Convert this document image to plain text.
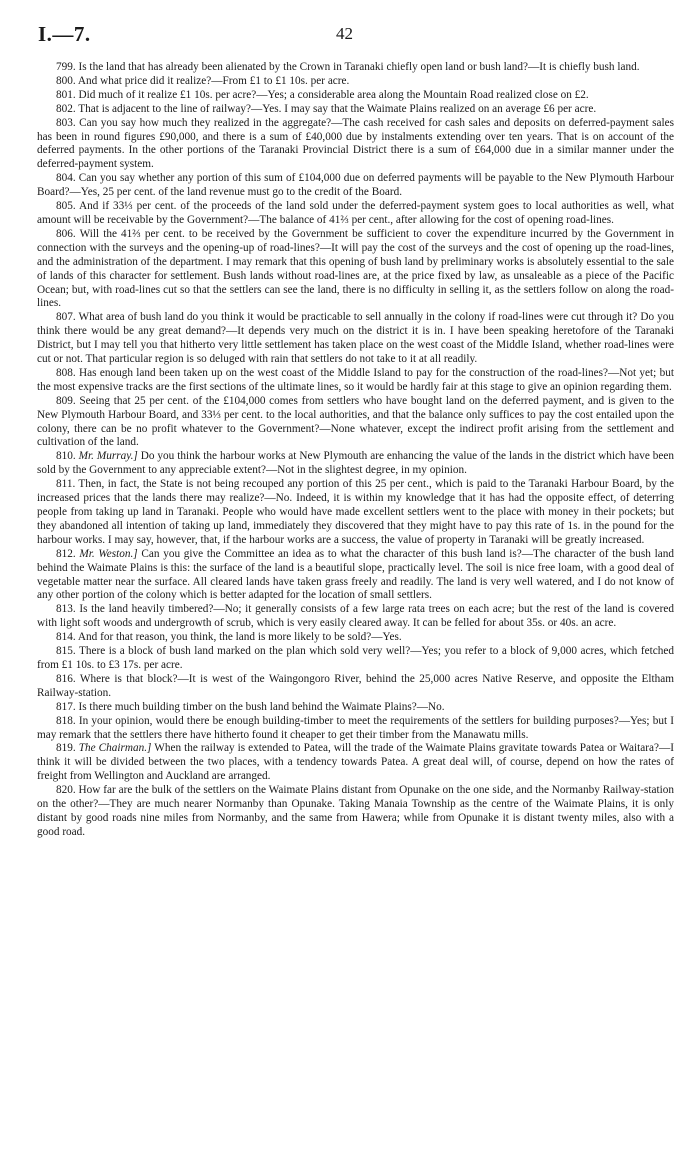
I.—7.	42

799. Is the land that has already been alienated by the Crown in Taranaki chiefly open land or bush land?—It is chiefly bush land.

800. And what price did it realize?—From £1 to £1 10s. per acre.

801. Did much of it realize £1 10s. per acre?—Yes; a considerable area along the Mountain Road realized close on £2.

802. That is adjacent to the line of railway?—Yes. I may say that the Waimate Plains realized on an average £6 per acre.

803. Can you say how much they realized in the aggregate?—The cash received for cash sales and deposits on deferred-payment sales has been in round figures £90,000, and there is a sum of £40,000 due by instalments extending over ten years. That is on account of the deferred payments. In the other portions of the Taranaki Provincial District there is a sum of £64,000 due in a similar manner under the deferred-payment system.

804. Can you say whether any portion of this sum of £104,000 due on deferred payments will be payable to the New Plymouth Harbour Board?—Yes, 25 per cent. of the land revenue must go to the credit of the Board.

805. And if 33⅓ per cent. of the proceeds of the land sold under the deferred-payment system goes to local authorities as well, what amount will be receivable by the Government?—The balance of 41⅔ per cent., after allowing for the cost of opening road-lines.

806. Will the 41⅔ per cent. to be received by the Government be sufficient to cover the expenditure incurred by the Government in connection with the surveys and the opening-up of road-lines?—It will pay the cost of the surveys and the cost of opening up the road-lines, and the administration of the department. I may remark that this opening of bush land by preliminary works is absolutely essential to the sale of lands of this character for settlement. Bush lands without road-lines are, at the price fixed by law, as unsaleable as a piece of the Pacific Ocean; but, with road-lines cut so that the settlers can see the land, there is no difficulty in selling it, as the settlers follow on along the road-lines.

807. What area of bush land do you think it would be practicable to sell annually in the colony if road-lines were cut through it? Do you think there would be any great demand?—It depends very much on the district it is in. I have been speaking heretofore of the Taranaki District, but I may tell you that hitherto very little settlement has taken place on the west coast of the Middle Island, whether road-lines were cut or not. That particular region is so deluged with rain that settlers do not take to it at all readily.

808. Has enough land been taken up on the west coast of the Middle Island to pay for the construction of the road-lines?—Not yet; but the most expensive tracks are the first sections of the ultimate lines, so it would be hardly fair at this stage to give an opinion regarding them.

809. Seeing that 25 per cent. of the £104,000 comes from settlers who have bought land on the deferred payment, and is given to the New Plymouth Harbour Board, and 33⅓ per cent. to the local authorities, and that the balance only suffices to pay the cost entailed upon the colony, there can be no profit whatever to the Government?—None whatever, except the indirect profit arising from the settlement and cultivation of the land.

810. Mr. Murray.] Do you think the harbour works at New Plymouth are enhancing the value of the lands in the district which have been sold by the Government to any appreciable extent?—Not in the slightest degree, in my opinion.

811. Then, in fact, the State is not being recouped any portion of this 25 per cent., which is paid to the Taranaki Harbour Board, by the increased prices that the lands there may realize?—No. Indeed, it is within my knowledge that it has had the opposite effect, of deterring people from taking up land in Taranaki. People who would have made excellent settlers went to the place with money in their pockets; but they abandoned all intention of taking up land, immediately they discovered that they might have to pay this rate of 1s. in the pound for the harbour works. I may say, however, that, if the harbour works are a success, the value of property in Taranaki will be greatly increased.

812. Mr. Weston.] Can you give the Committee an idea as to what the character of this bush land is?—The character of the bush land behind the Waimate Plains is this: the surface of the land is a beautiful slope, practically level. The soil is nice free loam, with a good deal of vegetable matter near the surface. All cleared lands have taken grass freely and readily. The land is very well watered, and I do not know of any other portion of the colony which is better adapted for the location of small settlers.

813. Is the land heavily timbered?—No; it generally consists of a few large rata trees on each acre; but the rest of the land is covered with light soft woods and undergrowth of scrub, which is very easily cleared away. It can be felled for about 35s. or 40s. an acre.

814. And for that reason, you think, the land is more likely to be sold?—Yes.

815. There is a block of bush land marked on the plan which sold very well?—Yes; you refer to a block of 9,000 acres, which fetched from £1 10s. to £3 17s. per acre.

816. Where is that block?—It is west of the Waingongoro River, behind the 25,000 acres Native Reserve, and opposite the Eltham Railway-station.

817. Is there much building timber on the bush land behind the Waimate Plains?—No.

818. In your opinion, would there be enough building-timber to meet the requirements of the settlers for building purposes?—Yes; but I may remark that the settlers there have hitherto found it cheaper to get their timber from the Manawatu mills.

819. The Chairman.] When the railway is extended to Patea, will the trade of the Waimate Plains gravitate towards Patea or Waitara?—I think it will be divided between the two places, with a tendency towards Patea. A great deal will, of course, depend on how the rates of freight from Wellington and Auckland are arranged.

820. How far are the bulk of the settlers on the Waimate Plains distant from Opunake on the one side, and the Normanby Railway-station on the other?—They are much nearer Normanby than Opunake. Taking Manaia Township as the centre of the Waimate Plains, it is only distant by good roads nine miles from Normanby, and the same from Hawera; while from Opunake it is distant twenty miles, also with a good road.
